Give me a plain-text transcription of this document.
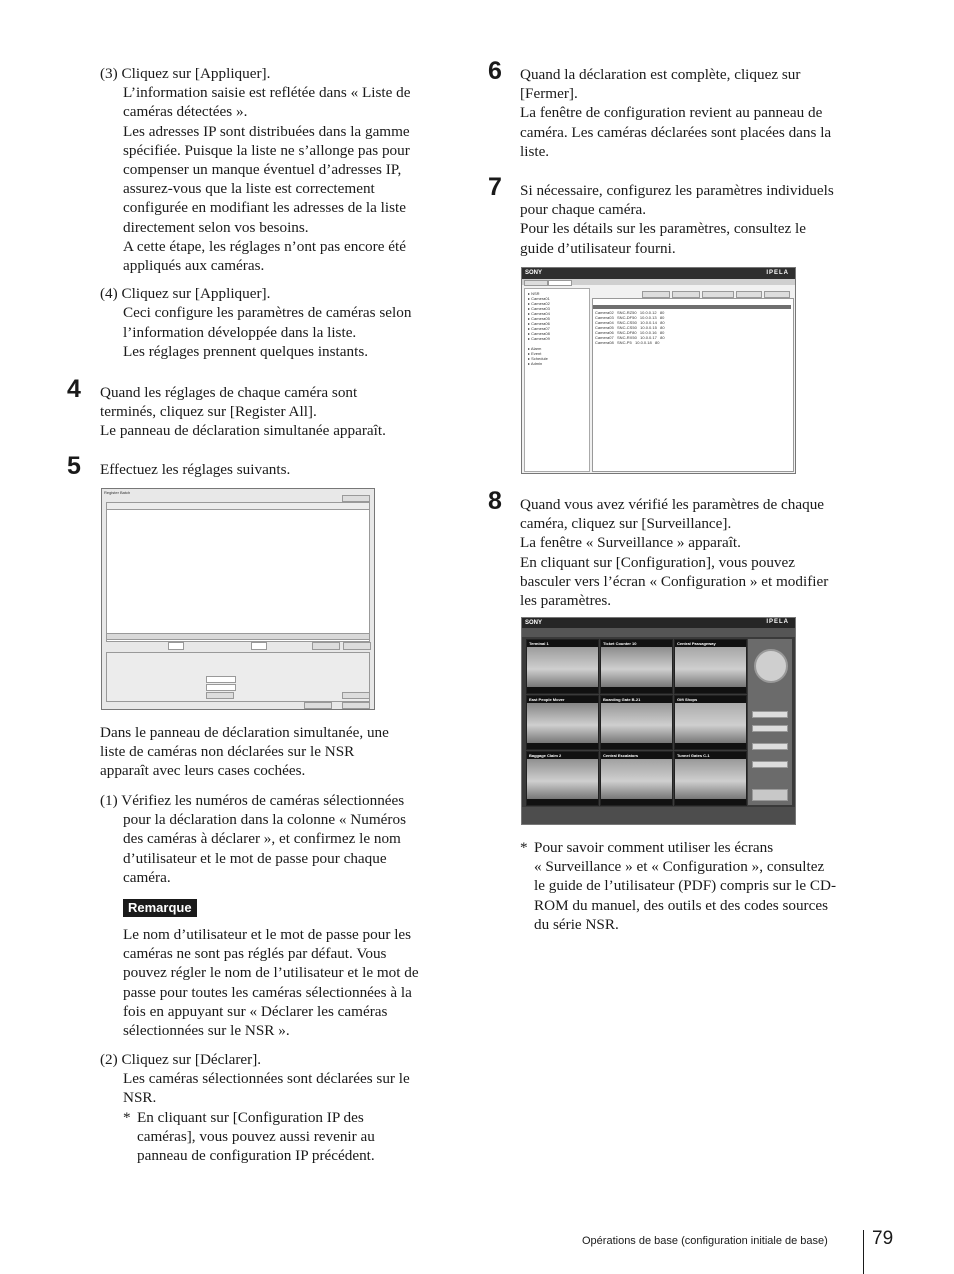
(3) Cliquez sur [Appliquer].

L’information saisie est reflétée dans « Liste de

caméras détectées ».

Les adresses IP sont distribuées dans la gamme

spécifiée. Puisque la liste ne s’allonge pas pour

compenser un manque éventuel d’adresses IP,

assurez-vous que la liste est correctement

configurée en modifiant les adresses de la liste

directement selon vos besoins.

A cette étape, les réglages n’ont pas encore été

appliqués aux caméras.

(4) Cliquez sur [Appliquer].

Ceci configure les paramètres de caméras selon

l’information développée dans la liste.

Les réglages prennent quelques instants.

4 Quand les réglages de chaque caméra sont

terminés, cliquez sur [Register All].

Le panneau de déclaration simultanée apparaît.

5 Effectuez les réglages suivants.

Register Batch

Dans le panneau de déclaration simultanée, une

liste de caméras non déclarées sur le NSR

apparaît avec leurs cases cochées.

(1) Vérifiez les numéros de caméras sélectionnées

pour la déclaration dans la colonne « Numéros

des caméras à déclarer », et confirmez le nom

d’utilisateur et le mot de passe pour chaque

caméra.

Remarque

Le nom d’utilisateur et le mot de passe pour les

caméras ne sont pas réglés par défaut. Vous

pouvez régler le nom de l’utilisateur et le mot de

passe pour toutes les caméras sélectionnées à la

fois en appuyant sur « Déclarer les caméras

sélectionnées sur le NSR ».

(2) Cliquez sur [Déclarer].

Les caméras sélectionnées sont déclarées sur le

NSR.

* En cliquant sur [Configuration IP des

caméras], vous pouvez aussi revenir au

panneau de configuration IP précédent.

6 Quand la déclaration est complète, cliquez sur

[Fermer].

La fenêtre de configuration revient au panneau de

caméra. Les caméras déclarées sont placées dans la

liste.

7 Si nécessaire, configurez les paramètres individuels

pour chaque caméra.

Pour les détails sur les paramètres, consultez le

guide d’utilisateur fourni.

SONY	IPELA
▸ NSR
▸ Camera01
▸ Camera02
▸ Camera03
▸ Camera04
▸ Camera05
▸ Camera06
▸ Camera07
▸ Camera08
▸ Camera09

▸ Alarm
▸ Event
▸ Schedule
▸ Admin
Camera02   SNC-RZ50   10.0.0.12   80
Camera03   SNC-DF50   10.0.0.13   80
Camera04   SNC-CS50   10.0.0.14   80
Camera05   SNC-CS50   10.0.0.15   80
Camera06   SNC-DF80   10.0.0.16   80
Camera07   SNC-RX50   10.0.0.17   80
Camera08   SNC-P5   10.0.0.18   80
8 Quand vous avez vérifié les paramètres de chaque

caméra, cliquez sur [Surveillance].

La fenêtre « Surveillance » apparaît.

En cliquant sur [Configuration], vous pouvez

basculer vers l’écran « Configuration » et modifier

les paramètres.

SONY	IPELA
Terminal 1	Ticket Counter 10	Central Passageway
East People Mover	Boarding Gate B-21	Gift Shops
Baggage Claim 2	Central Escalators	Tunnel Gates C-1
* Pour savoir comment utiliser les écrans

« Surveillance » et « Configuration », consultez

le guide de l’utilisateur (PDF) compris sur le CD-

ROM du manuel, des outils et des codes sources

du série NSR.

Opérations de base (configuration initiale de base) 79
